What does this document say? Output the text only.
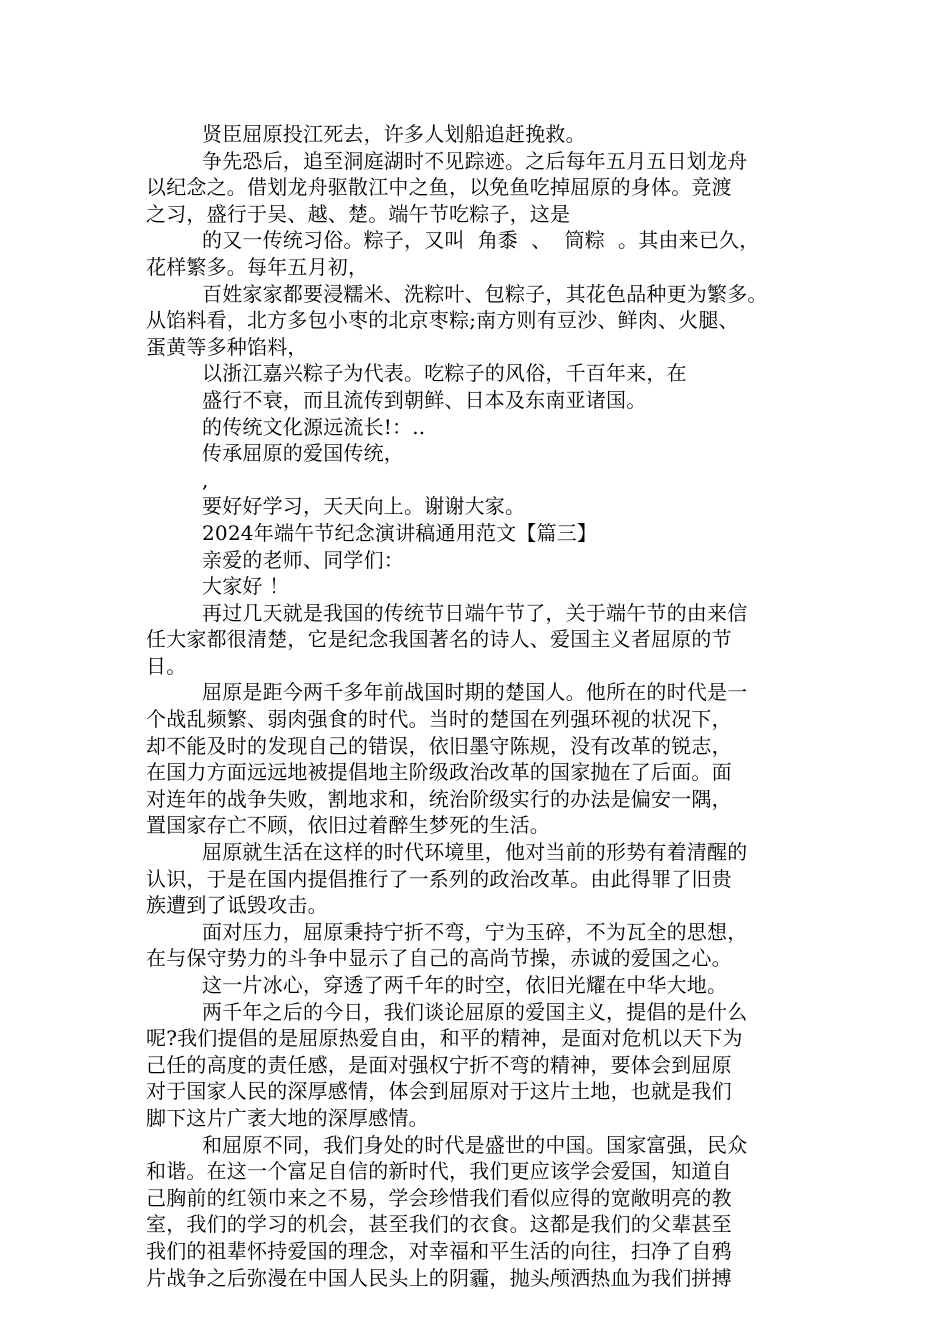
贤臣屈原投江死去，许多人划船追赶挽救。
争先恐后，追至洞庭湖时不见踪迹。之后每年五月五日划龙舟
以纪念之。借划龙舟驱散江中之鱼，以免鱼吃掉屈原的身体。竞渡
之习，盛行于吴、越、楚。端午节吃粽子，这是
的又一传统习俗。粽子，又叫  角黍  、  筒粽  。其由来已久，
花样繁多。每年五月初，
百姓家家都要浸糯米、洗粽叶、包粽子，其花色品种更为繁多。
从馅料看，北方多包小枣的北京枣粽;南方则有豆沙、鲜肉、火腿、
蛋黄等多种馅料，
以浙江嘉兴粽子为代表。吃粽子的风俗，千百年来，在
盛行不衰，而且流传到朝鲜、日本及东南亚诸国。
的传统文化源远流长!：..
传承屈原的爱国传统，
,
要好好学习，天天向上。谢谢大家。
2024年端午节纪念演讲稿通用范文【篇三】
亲爱的老师、同学们：
大家好 ！
再过几天就是我国的传统节日端午节了，关于端午节的由来信
任大家都很清楚，它是纪念我国著名的诗人、爱国主义者屈原的节
日。
屈原是距今两千多年前战国时期的楚国人。他所在的时代是一
个战乱频繁、弱肉强食的时代。当时的楚国在列强环视的状况下，
却不能及时的发现自己的错误，依旧墨守陈规，没有改革的锐志，
在国力方面远远地被提倡地主阶级政治改革的国家抛在了后面。面
对连年的战争失败，割地求和，统治阶级实行的办法是偏安一隅，
置国家存亡不顾，依旧过着醉生梦死的生活。
屈原就生活在这样的时代环境里，他对当前的形势有着清醒的
认识，于是在国内提倡推行了一系列的政治改革。由此得罪了旧贵
族遭到了诋毁攻击。
面对压力，屈原秉持宁折不弯，宁为玉碎，不为瓦全的思想，
在与保守势力的斗争中显示了自己的高尚节操，赤诚的爱国之心。
这一片冰心，穿透了两千年的时空，依旧光耀在中华大地。
两千年之后的今日，我们谈论屈原的爱国主义，提倡的是什么
呢?我们提倡的是屈原热爱自由，和平的精神，是面对危机以天下为
己任的高度的责任感，是面对强权宁折不弯的精神，要体会到屈原
对于国家人民的深厚感情，体会到屈原对于这片土地，也就是我们
脚下这片广袤大地的深厚感情。
和屈原不同，我们身处的时代是盛世的中国。国家富强，民众
和谐。在这一个富足自信的新时代，我们更应该学会爱国，知道自
己胸前的红领巾来之不易，学会珍惜我们看似应得的宽敞明亮的教
室，我们的学习的机会，甚至我们的衣食。这都是我们的父辈甚至
我们的祖辈怀持爱国的理念，对幸福和平生活的向往，扫净了自鸦
片战争之后弥漫在中国人民头上的阴霾，抛头颅洒热血为我们拼搏
